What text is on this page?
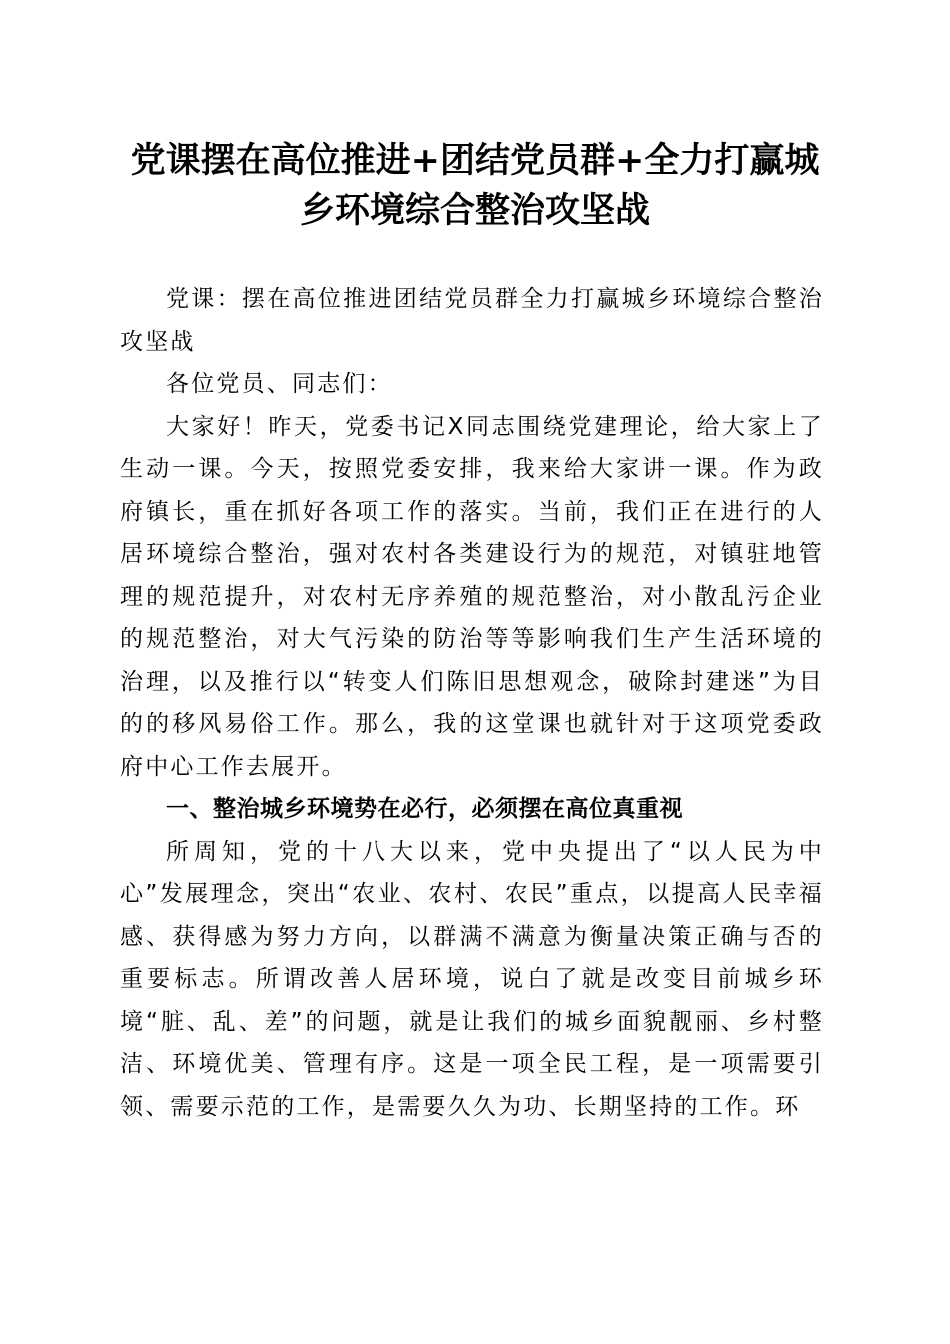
党课摆在高位推进+团结党员群+全力打赢城
乡环境综合整治攻坚战

党课：摆在高位推进团结党员群全力打赢城乡环境综合整治攻坚战

各位党员、同志们：

大家好！昨天，党委书记X同志围绕党建理论，给大家上了生动一课。今天，按照党委安排，我来给大家讲一课。作为政府镇长，重在抓好各项工作的落实。当前，我们正在进行的人居环境综合整治，强对农村各类建设行为的规范，对镇驻地管理的规范提升，对农村无序养殖的规范整治，对小散乱污企业的规范整治，对大气污染的防治等等影响我们生产生活环境的治理，以及推行以“转变人们陈旧思想观念，破除封建迷”为目的的移风易俗工作。那么，我的这堂课也就针对于这项党委政府中心工作去展开。

一、整治城乡环境势在必行，必须摆在高位真重视

所周知，党的十八大以来，党中央提出了“以人民为中心”发展理念，突出“农业、农村、农民”重点，以提高人民幸福感、获得感为努力方向，以群满不满意为衡量决策正确与否的重要标志。所谓改善人居环境，说白了就是改变目前城乡环境“脏、乱、差”的问题，就是让我们的城乡面貌靓丽、乡村整洁、环境优美、管理有序。这是一项全民工程，是一项需要引领、需要示范的工作，是需要久久为功、长期坚持的工作。环
